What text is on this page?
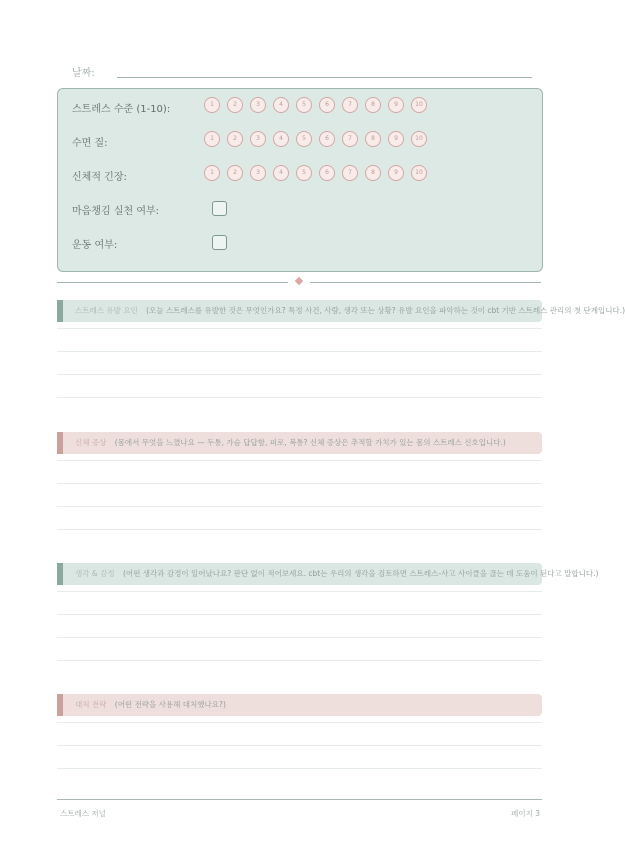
날짜:
스트레스 수준 (1-10):	1	2	3	4	5	6	7	8	9	10
수면 질:	1	2	3	4	5	6	7	8	9	10
신체적 긴장:	1	2	3	4	5	6	7	8	9	10
마음챙김 실천 여부:
운동 여부:
스트레스 유발 요인 (오늘 스트레스를 유발한 것은 무엇인가요? 특정 사건, 사람, 생각 또는 상황? 유발 요인을 파악하는 것이 cbt 기반 스트레스 관리의 첫 단계입니다.)
신체 증상 (몸에서 무엇을 느꼈나요 — 두통, 가슴 답답함, 피로, 복통? 신체 증상은 추적할 가치가 있는 몸의 스트레스 신호입니다.)
생각 & 감정 (어떤 생각과 감정이 일어났나요? 판단 없이 적어보세요. cbt는 우리의 생각을 검토하면 스트레스-사고 사이클을 끊는 데 도움이 된다고 말합니다.)
대처 전략 (어떤 전략을 사용해 대처했나요?)
스트레스 저널	페이지 3
